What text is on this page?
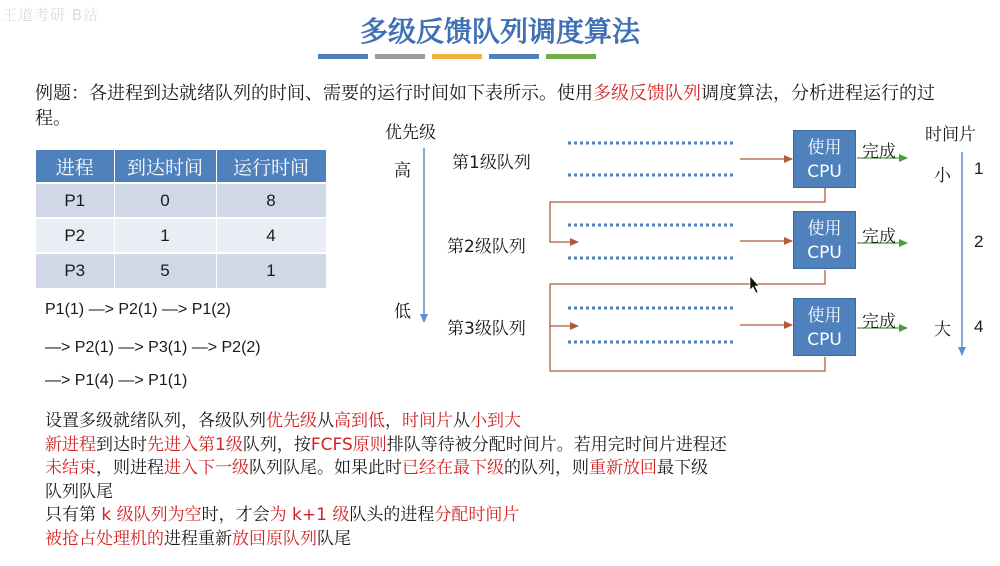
王道考研 B站	多级反馈队列调度算法
例题：各进程到达就绪队列的时间、需要的运行时间如下表所示。使用多级反馈队列调度算法，分析进程运行的过程。
进程	到达时间	运行时间
P1	0	8
P2	1	4
P3	5	1
P1(1) —> P2(1) —> P1(2)
—> P2(1) —> P3(1) —> P2(2)
—> P1(4) —> P1(1)
优先级
高
低
第1级队列
第2级队列
第3级队列
使用
CPU
使用
CPU
使用
CPU
完成
完成
完成
时间片
小
大
1
2
4
设置多级就绪队列，各级队列优先级从高到低，时间片从小到大
新进程到达时先进入第1级队列，按FCFS原则排队等待被分配时间片。若用完时间片进程还
未结束，则进程进入下一级队列队尾。如果此时已经在最下级的队列，则重新放回最下级
队列队尾
只有第 k 级队列为空时，才会为 k+1 级队头的进程分配时间片
被抢占处理机的进程重新放回原队列队尾
